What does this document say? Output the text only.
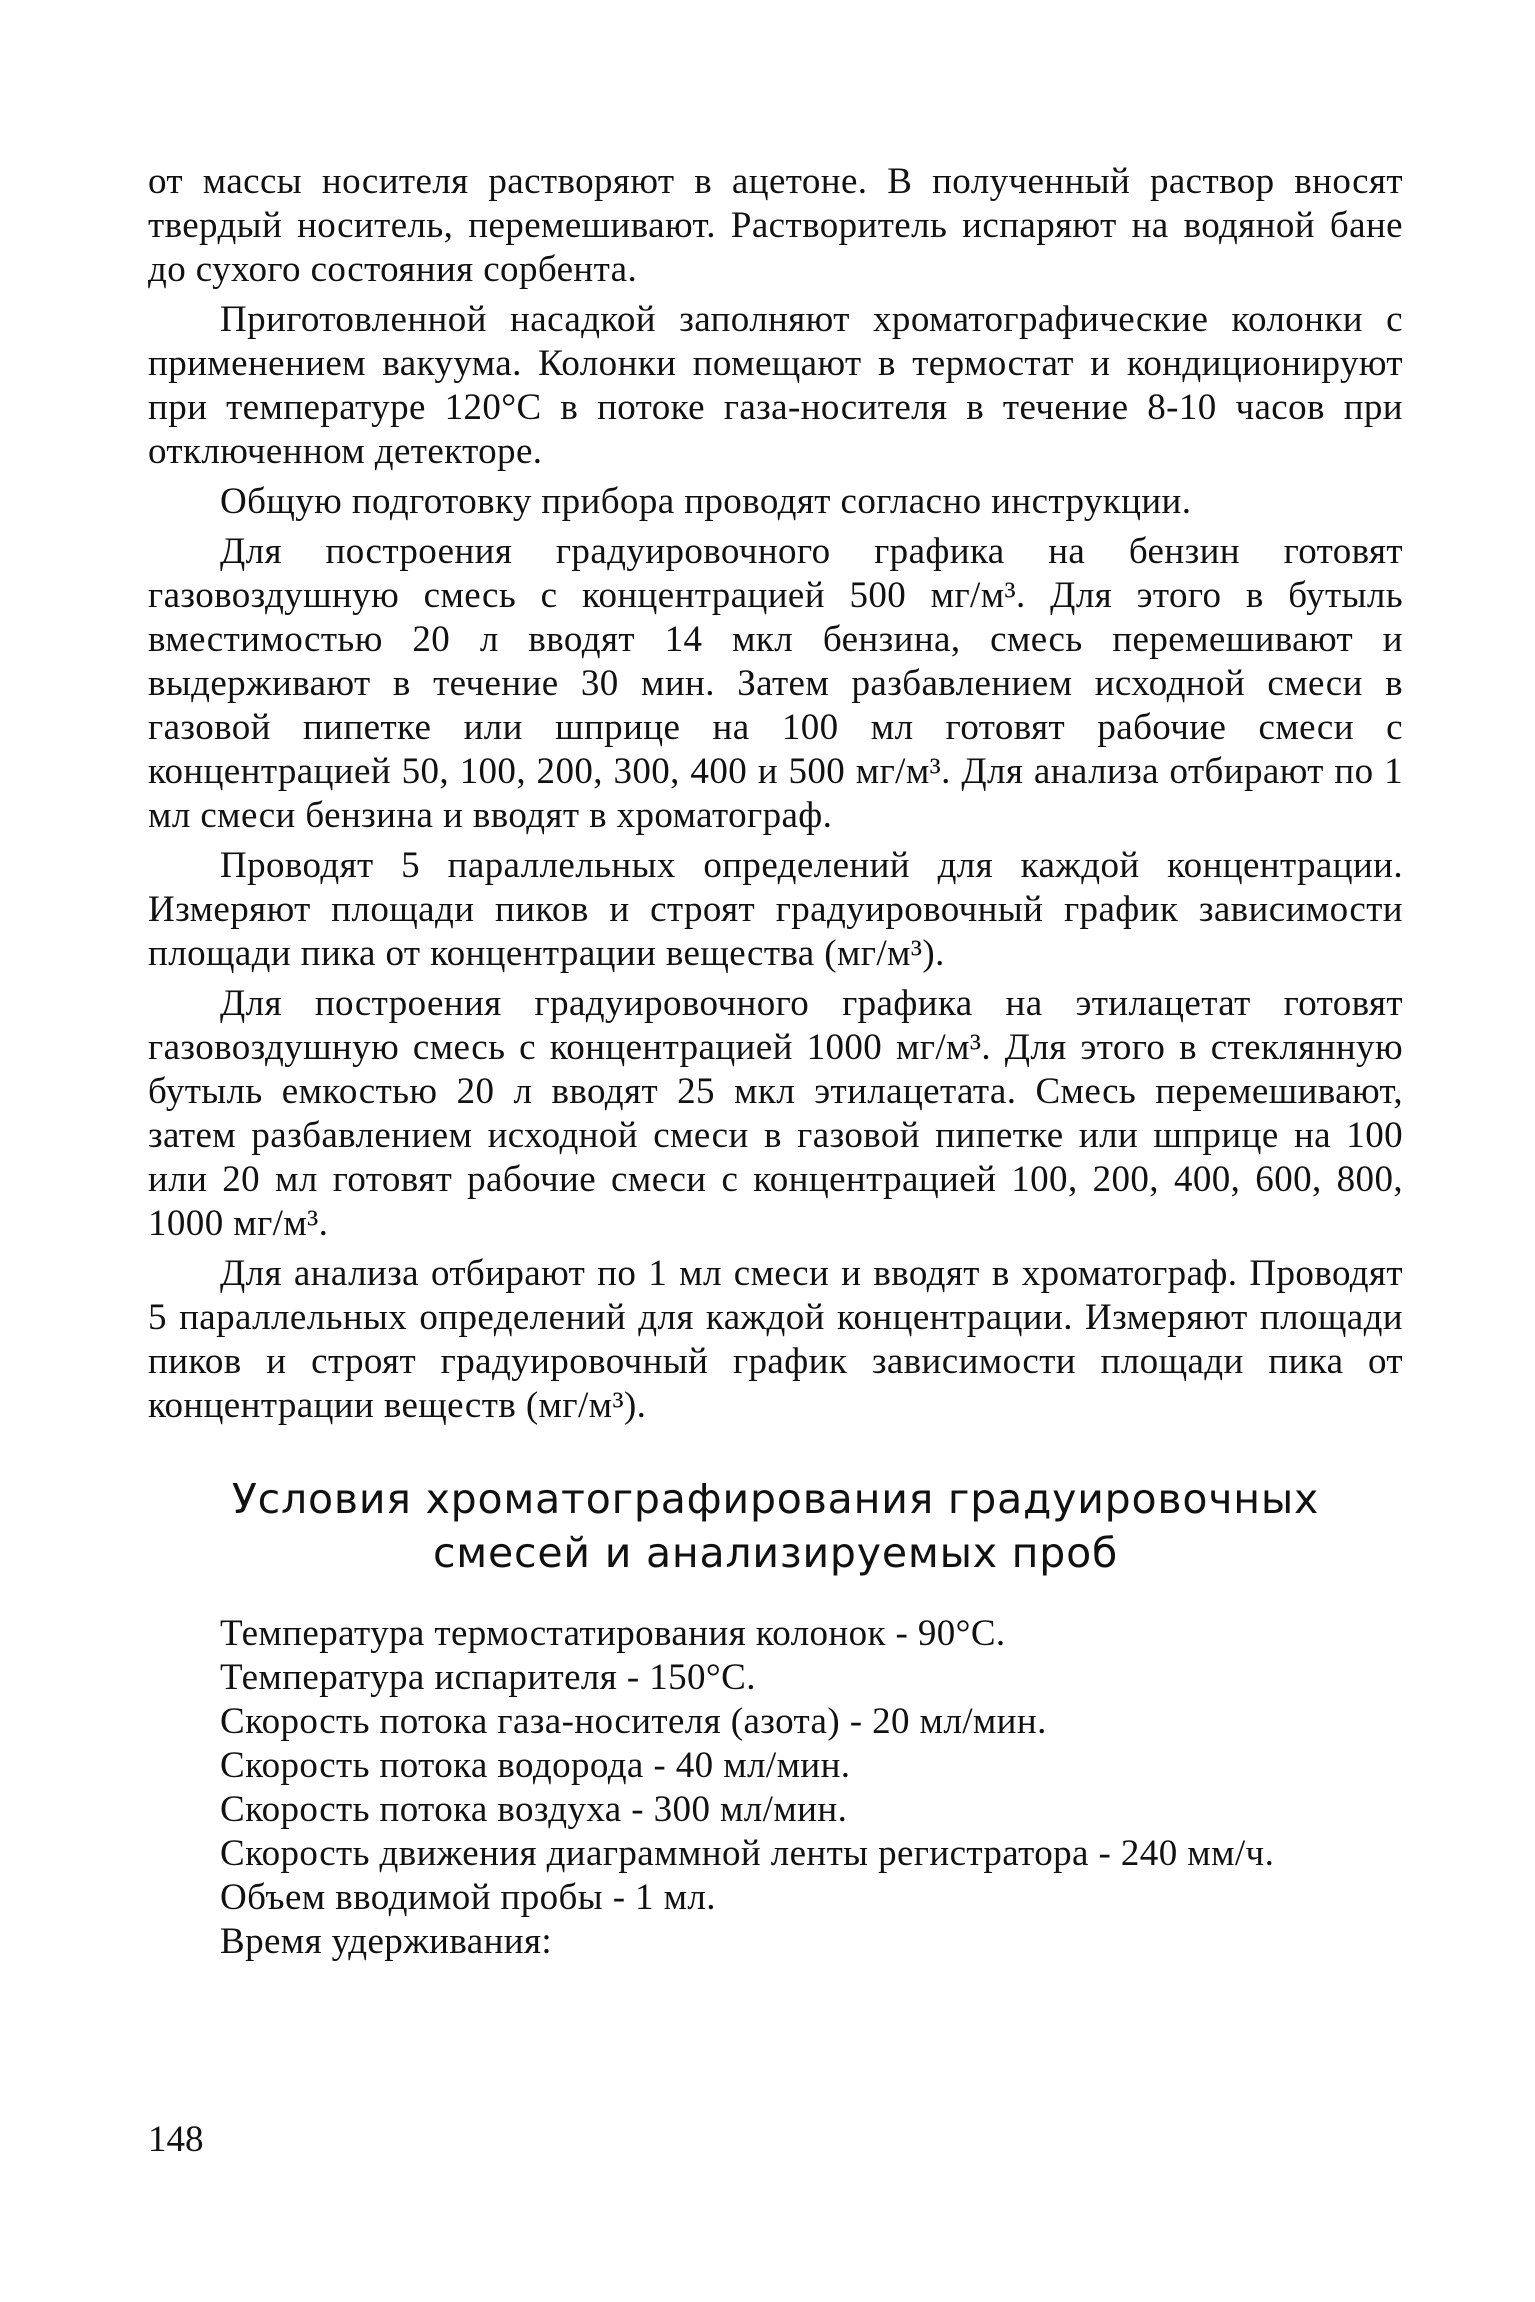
от массы носителя растворяют в ацетоне. В полученный раствор вносят твердый носитель, перемешивают. Растворитель испаряют на водяной бане до сухого состояния сорбента.

Приготовленной насадкой заполняют хроматографические колонки с применением вакуума. Колонки помещают в термостат и кондиционируют при температуре 120°C в потоке газа-носителя в течение 8-10 часов при отключенном детекторе.

Общую подготовку прибора проводят согласно инструкции.

Для построения градуировочного графика на бензин готовят газовоздушную смесь с концентрацией 500 мг/м³. Для этого в бутыль вместимостью 20 л вводят 14 мкл бензина, смесь перемешивают и выдерживают в течение 30 мин. Затем разбавлением исходной смеси в газовой пипетке или шприце на 100 мл готовят рабочие смеси с концентрацией 50, 100, 200, 300, 400 и 500 мг/м³. Для анализа отбирают по 1 мл смеси бензина и вводят в хроматограф.

Проводят 5 параллельных определений для каждой концентрации. Измеряют площади пиков и строят градуировочный график зависимости площади пика от концентрации вещества (мг/м³).

Для построения градуировочного графика на этилацетат готовят газовоздушную смесь с концентрацией 1000 мг/м³. Для этого в стеклянную бутыль емкостью 20 л вводят 25 мкл этилацетата. Смесь перемешивают, затем разбавлением исходной смеси в газовой пипетке или шприце на 100 или 20 мл готовят рабочие смеси с концентрацией 100, 200, 400, 600, 800, 1000 мг/м³.

Для анализа отбирают по 1 мл смеси и вводят в хроматограф. Проводят 5 параллельных определений для каждой концентрации. Измеряют площади пиков и строят градуировочный график зависимости площади пика от концентрации веществ (мг/м³).

Условия хроматографирования градуировочных
смесей и анализируемых проб
Температура термостатирования колонок - 90°C.
Температура испарителя - 150°C.
Скорость потока газа-носителя (азота) - 20 мл/мин.
Скорость потока водорода - 40 мл/мин.
Скорость потока воздуха - 300 мл/мин.
Скорость движения диаграммной ленты регистратора - 240 мм/ч.
Объем вводимой пробы - 1 мл.
Время удерживания:
148
